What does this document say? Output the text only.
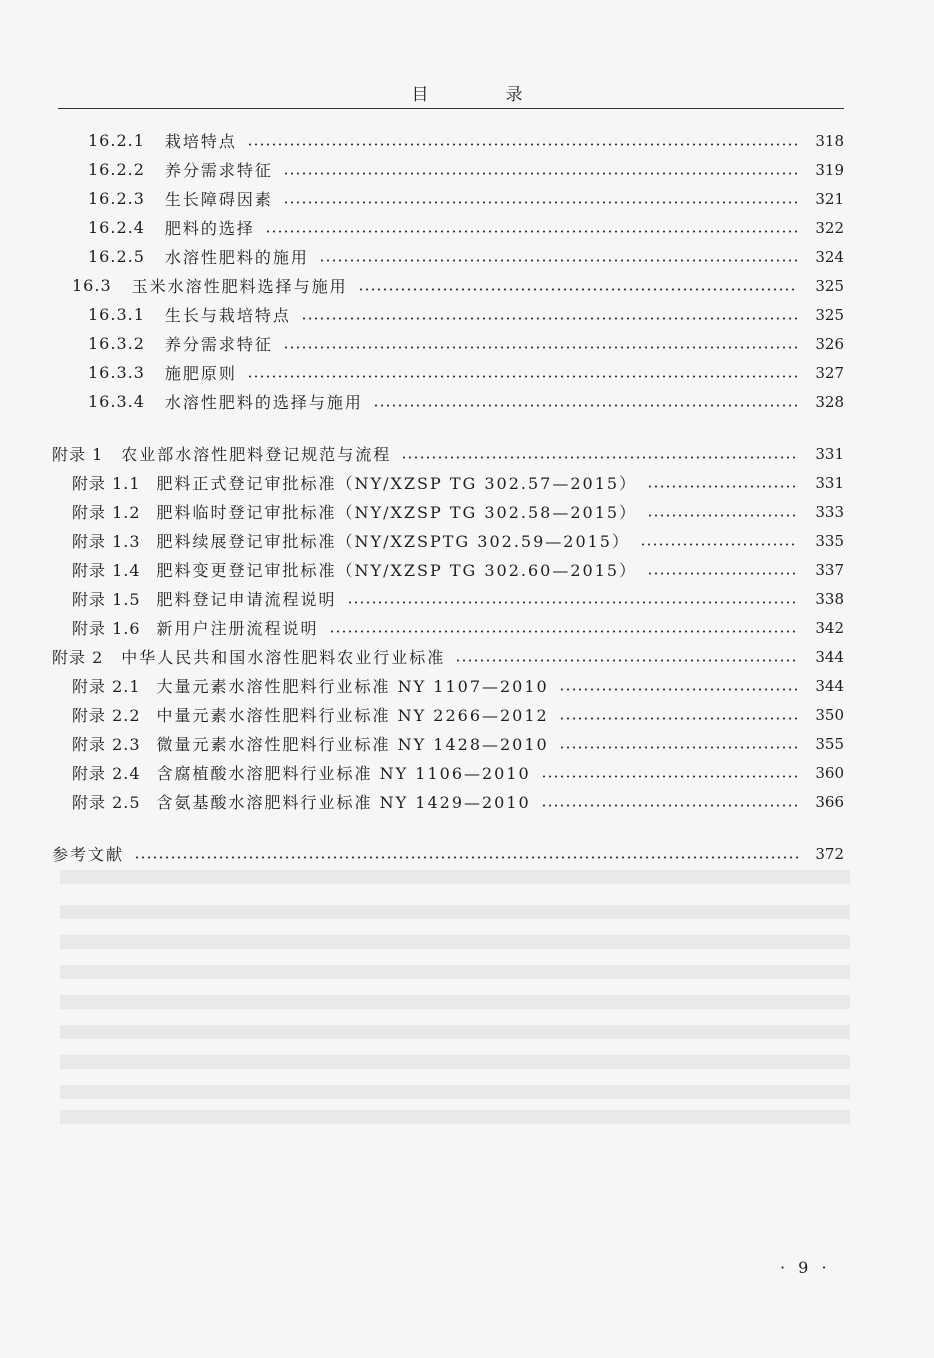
目　录
16.2.1 栽培特点	318
16.2.2 养分需求特征	319
16.2.3 生长障碍因素	321
16.2.4 肥料的选择	322
16.2.5 水溶性肥料的施用	324
16.3 玉米水溶性肥料选择与施用	325
16.3.1 生长与栽培特点	325
16.3.2 养分需求特征	326
16.3.3 施肥原则	327
16.3.4 水溶性肥料的选择与施用	328
附录 1 农业部水溶性肥料登记规范与流程	331
附录 1.1 肥料正式登记审批标准（NY/XZSP TG 302.57—2015）	331
附录 1.2 肥料临时登记审批标准（NY/XZSP TG 302.58—2015）	333
附录 1.3 肥料续展登记审批标准（NY/XZSPTG 302.59—2015）	335
附录 1.4 肥料变更登记审批标准（NY/XZSP TG 302.60—2015）	337
附录 1.5 肥料登记申请流程说明	338
附录 1.6 新用户注册流程说明	342
附录 2 中华人民共和国水溶性肥料农业行业标准	344
附录 2.1 大量元素水溶性肥料行业标准 NY 1107—2010	344
附录 2.2 中量元素水溶性肥料行业标准 NY 2266—2012	350
附录 2.3 微量元素水溶性肥料行业标准 NY 1428—2010	355
附录 2.4 含腐植酸水溶肥料行业标准 NY 1106—2010	360
附录 2.5 含氨基酸水溶肥料行业标准 NY 1429—2010	366
参考文献	372
· 9 ·
